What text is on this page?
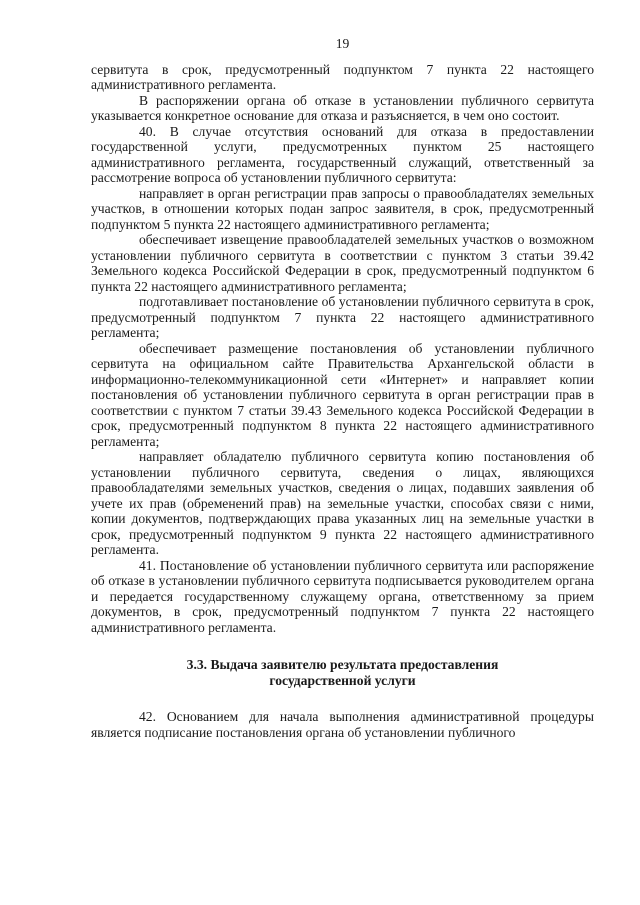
19

сервитута в срок, предусмотренный подпунктом 7 пункта 22 настоящего административного регламента.

В распоряжении органа об отказе в установлении публичного сервитута указывается конкретное основание для отказа и разъясняется, в чем оно состоит.

40. В случае отсутствия оснований для отказа в предоставлении государственной услуги, предусмотренных пунктом 25 настоящего административного регламента, государственный служащий, ответственный за рассмотрение вопроса об установлении публичного сервитута:

направляет в орган регистрации прав запросы о правообладателях земельных участков, в отношении которых подан запрос заявителя, в срок, предусмотренный подпунктом 5 пункта 22 настоящего административного регламента;

обеспечивает извещение правообладателей земельных участков о возможном установлении публичного сервитута в соответствии с пунктом 3 статьи 39.42 Земельного кодекса Российской Федерации в срок, предусмотренный подпунктом 6 пункта 22 настоящего административного регламента;

подготавливает постановление об установлении публичного сервитута в срок, предусмотренный подпунктом 7 пункта 22 настоящего административного регламента;

обеспечивает размещение постановления об установлении публичного сервитута на официальном сайте Правительства Архангельской области в информационно-телекоммуникационной сети «Интернет» и направляет копии постановления об установлении публичного сервитута в орган регистрации прав в соответствии с пунктом 7 статьи 39.43 Земельного кодекса Российской Федерации в срок, предусмотренный подпунктом 8 пункта 22 настоящего административного регламента;

направляет обладателю публичного сервитута копию постановления об установлении публичного сервитута, сведения о лицах, являющихся правообладателями земельных участков, сведения о лицах, подавших заявления об учете их прав (обременений прав) на земельные участки, способах связи с ними, копии документов, подтверждающих права указанных лиц на земельные участки в срок, предусмотренный подпунктом 9 пункта 22 настоящего административного регламента.

41. Постановление об установлении публичного сервитута или распоряжение об отказе в установлении публичного сервитута подписывается руководителем органа и передается государственному служащему органа, ответственному за прием документов, в срок, предусмотренный подпунктом 7 пункта 22 настоящего административного регламента.

3.3. Выдача заявителю результата предоставления
государственной услуги

42. Основанием для начала выполнения административной процедуры является подписание постановления органа об установлении публичного
